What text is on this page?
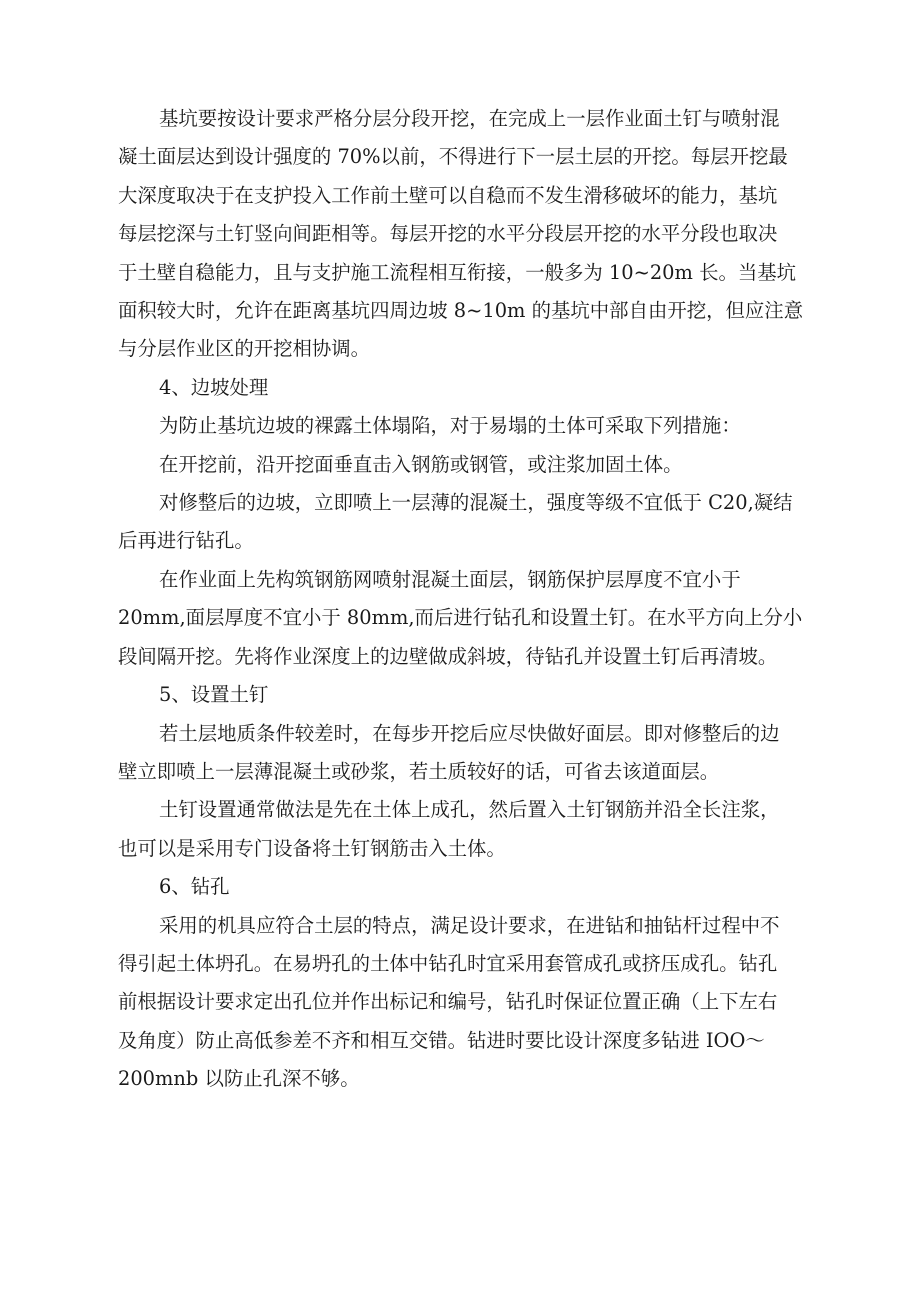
基坑要按设计要求严格分层分段开挖，在完成上一层作业面土钉与喷射混
凝土面层达到设计强度的 70%以前，不得进行下一层土层的开挖。每层开挖最
大深度取决于在支护投入工作前土壁可以自稳而不发生滑移破坏的能力，基坑
每层挖深与土钉竖向间距相等。每层开挖的水平分段层开挖的水平分段也取决
于土壁自稳能力，且与支护施工流程相互衔接，一般多为 10~20m 长。当基坑
面积较大时，允许在距离基坑四周边坡 8~10m 的基坑中部自由开挖，但应注意
与分层作业区的开挖相协调。
4、边坡处理
为防止基坑边坡的裸露土体塌陷，对于易塌的土体可采取下列措施：
在开挖前，沿开挖面垂直击入钢筋或钢管，或注浆加固土体。
对修整后的边坡，立即喷上一层薄的混凝土，强度等级不宜低于 C20,凝结
后再进行钻孔。
在作业面上先构筑钢筋网喷射混凝土面层，钢筋保护层厚度不宜小于
20mm,面层厚度不宜小于 80mm,而后进行钻孔和设置土钉。在水平方向上分小
段间隔开挖。先将作业深度上的边壁做成斜坡，待钻孔并设置土钉后再清坡。
5、设置土钉
若土层地质条件较差时，在每步开挖后应尽快做好面层。即对修整后的边
壁立即喷上一层薄混凝土或砂浆，若土质较好的话，可省去该道面层。
土钉设置通常做法是先在土体上成孔，然后置入土钉钢筋并沿全长注浆，
也可以是采用专门设备将土钉钢筋击入土体。
6、钻孔
采用的机具应符合土层的特点，满足设计要求，在进钻和抽钻杆过程中不
得引起土体坍孔。在易坍孔的土体中钻孔时宜采用套管成孔或挤压成孔。钻孔
前根据设计要求定出孔位并作出标记和编号，钻孔时保证位置正确（上下左右
及角度）防止高低参差不齐和相互交错。钻进时要比设计深度多钻进 IOO～
200mnb 以防止孔深不够。
